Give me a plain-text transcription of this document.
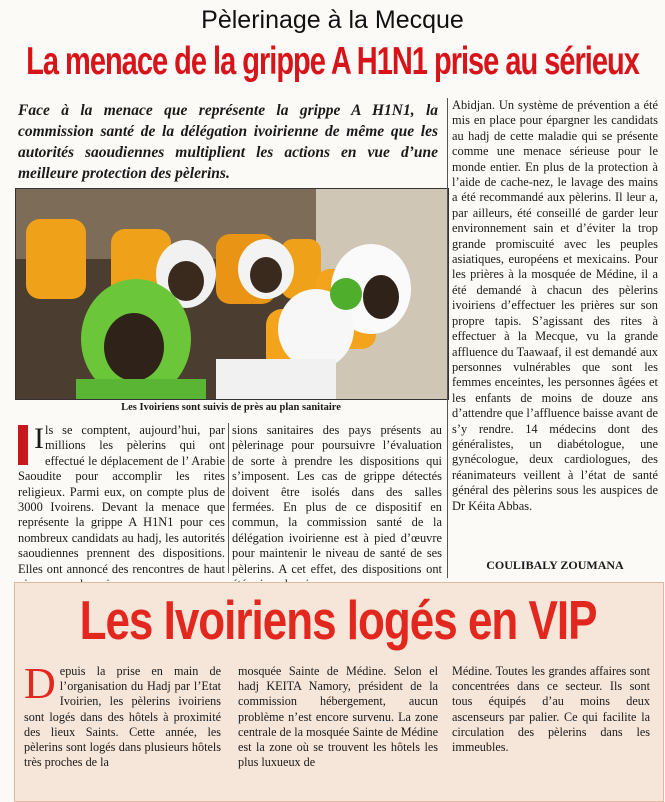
Pèlerinage à la Mecque
La menace de la grippe A H1N1 prise au sérieux
Face à la menace que représente la grippe A H1N1, la commission santé de la délégation ivoirienne de même que les autorités saoudiennes multiplient les actions en vue d’une meilleure protection des pèlerins.
Les Ivoiriens sont suivis de près au plan sanitaire
Ils se comptent, aujourd’hui, par millions les pèlerins qui ont effectué le déplacement de l’ Arabie Saoudite pour accomplir les rites religieux. Parmi eux, on compte plus de 3000 Ivoirens. Devant la menace que représente la grippe A H1N1 pour ces nombreux candidats au hadj, les autorités saoudiennes prennent des dispositions. Elles ont annoncé des rencontres de haut
sions sanitaires des pays présents au pèlerinage pour poursuivre l’évaluation de sorte à prendre les dispositions qui s’imposent. Les cas de grippe détectés doivent être isolés dans des salles fermées. En plus de ce dispositif en commun, la commission santé de la délégation ivoirienne est à pied d’œuvre pour maintenir le niveau de santé de ses pèlerins. A cet effet, des dispositions ont
Abidjan. Un système de prévention a été mis en place pour épargner les candidats au hadj de cette maladie qui se présente comme une menace sérieuse pour le monde entier. En plus de la protection à l’aide de cache-nez, le lavage des mains a été recommandé aux pèlerins. Il leur a, par ailleurs, été conseillé de garder leur environnement sain et d’éviter la trop grande promiscuité avec les peuples asiatiques, européens et mexicains. Pour les prières à la mosquée de Médine, il a été demandé à chacun des pèlerins ivoiriens d’effectuer les prières sur son propre tapis. S’agissant des rites à effectuer à la Mecque, vu la grande affluence du Taawaaf, il est demandé aux personnes vulnérables que sont les femmes enceintes, les personnes âgées et les enfants de moins de douze ans d’attendre que l’affluence baisse avant de s’y rendre. 14 médecins dont des généralistes, un diabétologue, une gynécologue, deux cardiologues, des réanimateurs veillent à l’état de santé général des pèlerins sous les auspices de Dr Kéita Abbas.
COULIBALY ZOUMANA
Les Ivoiriens logés en VIP
Depuis la prise en main de l’organisation du Hadj par l’Etat Ivoirien, les pèlerins ivoiriens sont logés dans des hôtels à proximité des lieux Saints. Cette année, les pèlerins sont logés dans plusieurs hôtels très proches de la
mosquée Sainte de Médine. Selon el hadj KEITA Namory, président de la commission hébergement, aucun problème n’est encore survenu. La zone centrale de la mosquée Sainte de Médine est la zone où se trouvent les hôtels les plus luxueux de
Médine. Toutes les grandes affaires sont concentrées dans ce secteur. Ils sont tous équipés d’au moins deux ascenseurs par palier. Ce qui facilite la circulation des pèlerins dans les immeubles.
